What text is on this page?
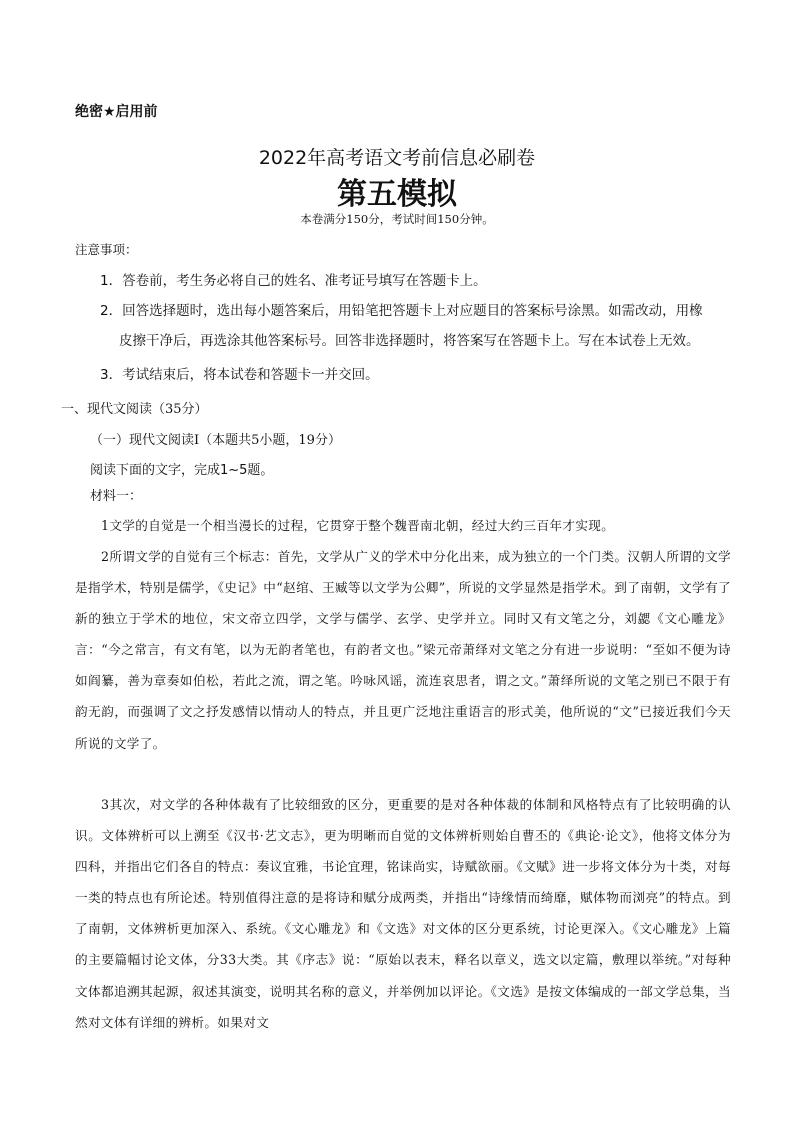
绝密★启用前
2022年高考语文考前信息必刷卷
第五模拟
本卷满分150分，考试时间150分钟。
注意事项：
1．答卷前，考生务必将自己的姓名、准考证号填写在答题卡上。
2．回答选择题时，选出每小题答案后，用铅笔把答题卡上对应题目的答案标号涂黑。如需改动，用橡
皮擦干净后，再选涂其他答案标号。回答非选择题时，将答案写在答题卡上。写在本试卷上无效。
3．考试结束后，将本试卷和答题卡一并交回。
一、现代文阅读（35分）
（一）现代文阅读Ⅰ（本题共5小题，19分）
阅读下面的文字，完成1~5题。
材料一：

1文学的自觉是一个相当漫长的过程，它贯穿于整个魏晋南北朝，经过大约三百年才实现。

2所谓文学的自觉有三个标志：首先，文学从广义的学术中分化出来，成为独立的一个门类。汉朝人所谓的文学是指学术，特别是儒学，《史记》中“赵绾、王臧等以文学为公卿”，所说的文学显然是指学术。到了南朝，文学有了新的独立于学术的地位，宋文帝立四学，文学与儒学、玄学、史学并立。同时又有文笔之分，刘勰《文心雕龙》言：“今之常言，有文有笔，以为无韵者笔也，有韵者文也。”梁元帝萧绎对文笔之分有进一步说明：“至如不便为诗如阎纂，善为章奏如伯松，若此之流，谓之笔。吟咏风谣，流连哀思者，谓之文。”萧绎所说的文笔之别已不限于有韵无韵，而强调了文之抒发感情以情动人的特点，并且更广泛地注重语言的形式美，他所说的“文”已接近我们今天所说的文学了。

3其次，对文学的各种体裁有了比较细致的区分，更重要的是对各种体裁的体制和风格特点有了比较明确的认识。文体辨析可以上溯至《汉书·艺文志》，更为明晰而自觉的文体辨析则始自曹丕的《典论·论文》，他将文体分为四科，并指出它们各自的特点：奏议宜雅，书论宜理，铭诔尚实，诗赋欲丽。《文赋》进一步将文体分为十类，对每一类的特点也有所论述。特别值得注意的是将诗和赋分成两类，并指出“诗缘情而绮靡，赋体物而浏亮”的特点。到了南朝，文体辨析更加深入、系统。《文心雕龙》和《文选》对文体的区分更系统，讨论更深入。《文心雕龙》上篇的主要篇幅讨论文体，分33大类。其《序志》说：“原始以表末，释名以章义，选文以定篇，敷理以举统。”对每种文体都追溯其起源，叙述其演变，说明其名称的意义，并举例加以评论。《文选》是按文体编成的一部文学总集，当然对文体有详细的辨析。如果对文
